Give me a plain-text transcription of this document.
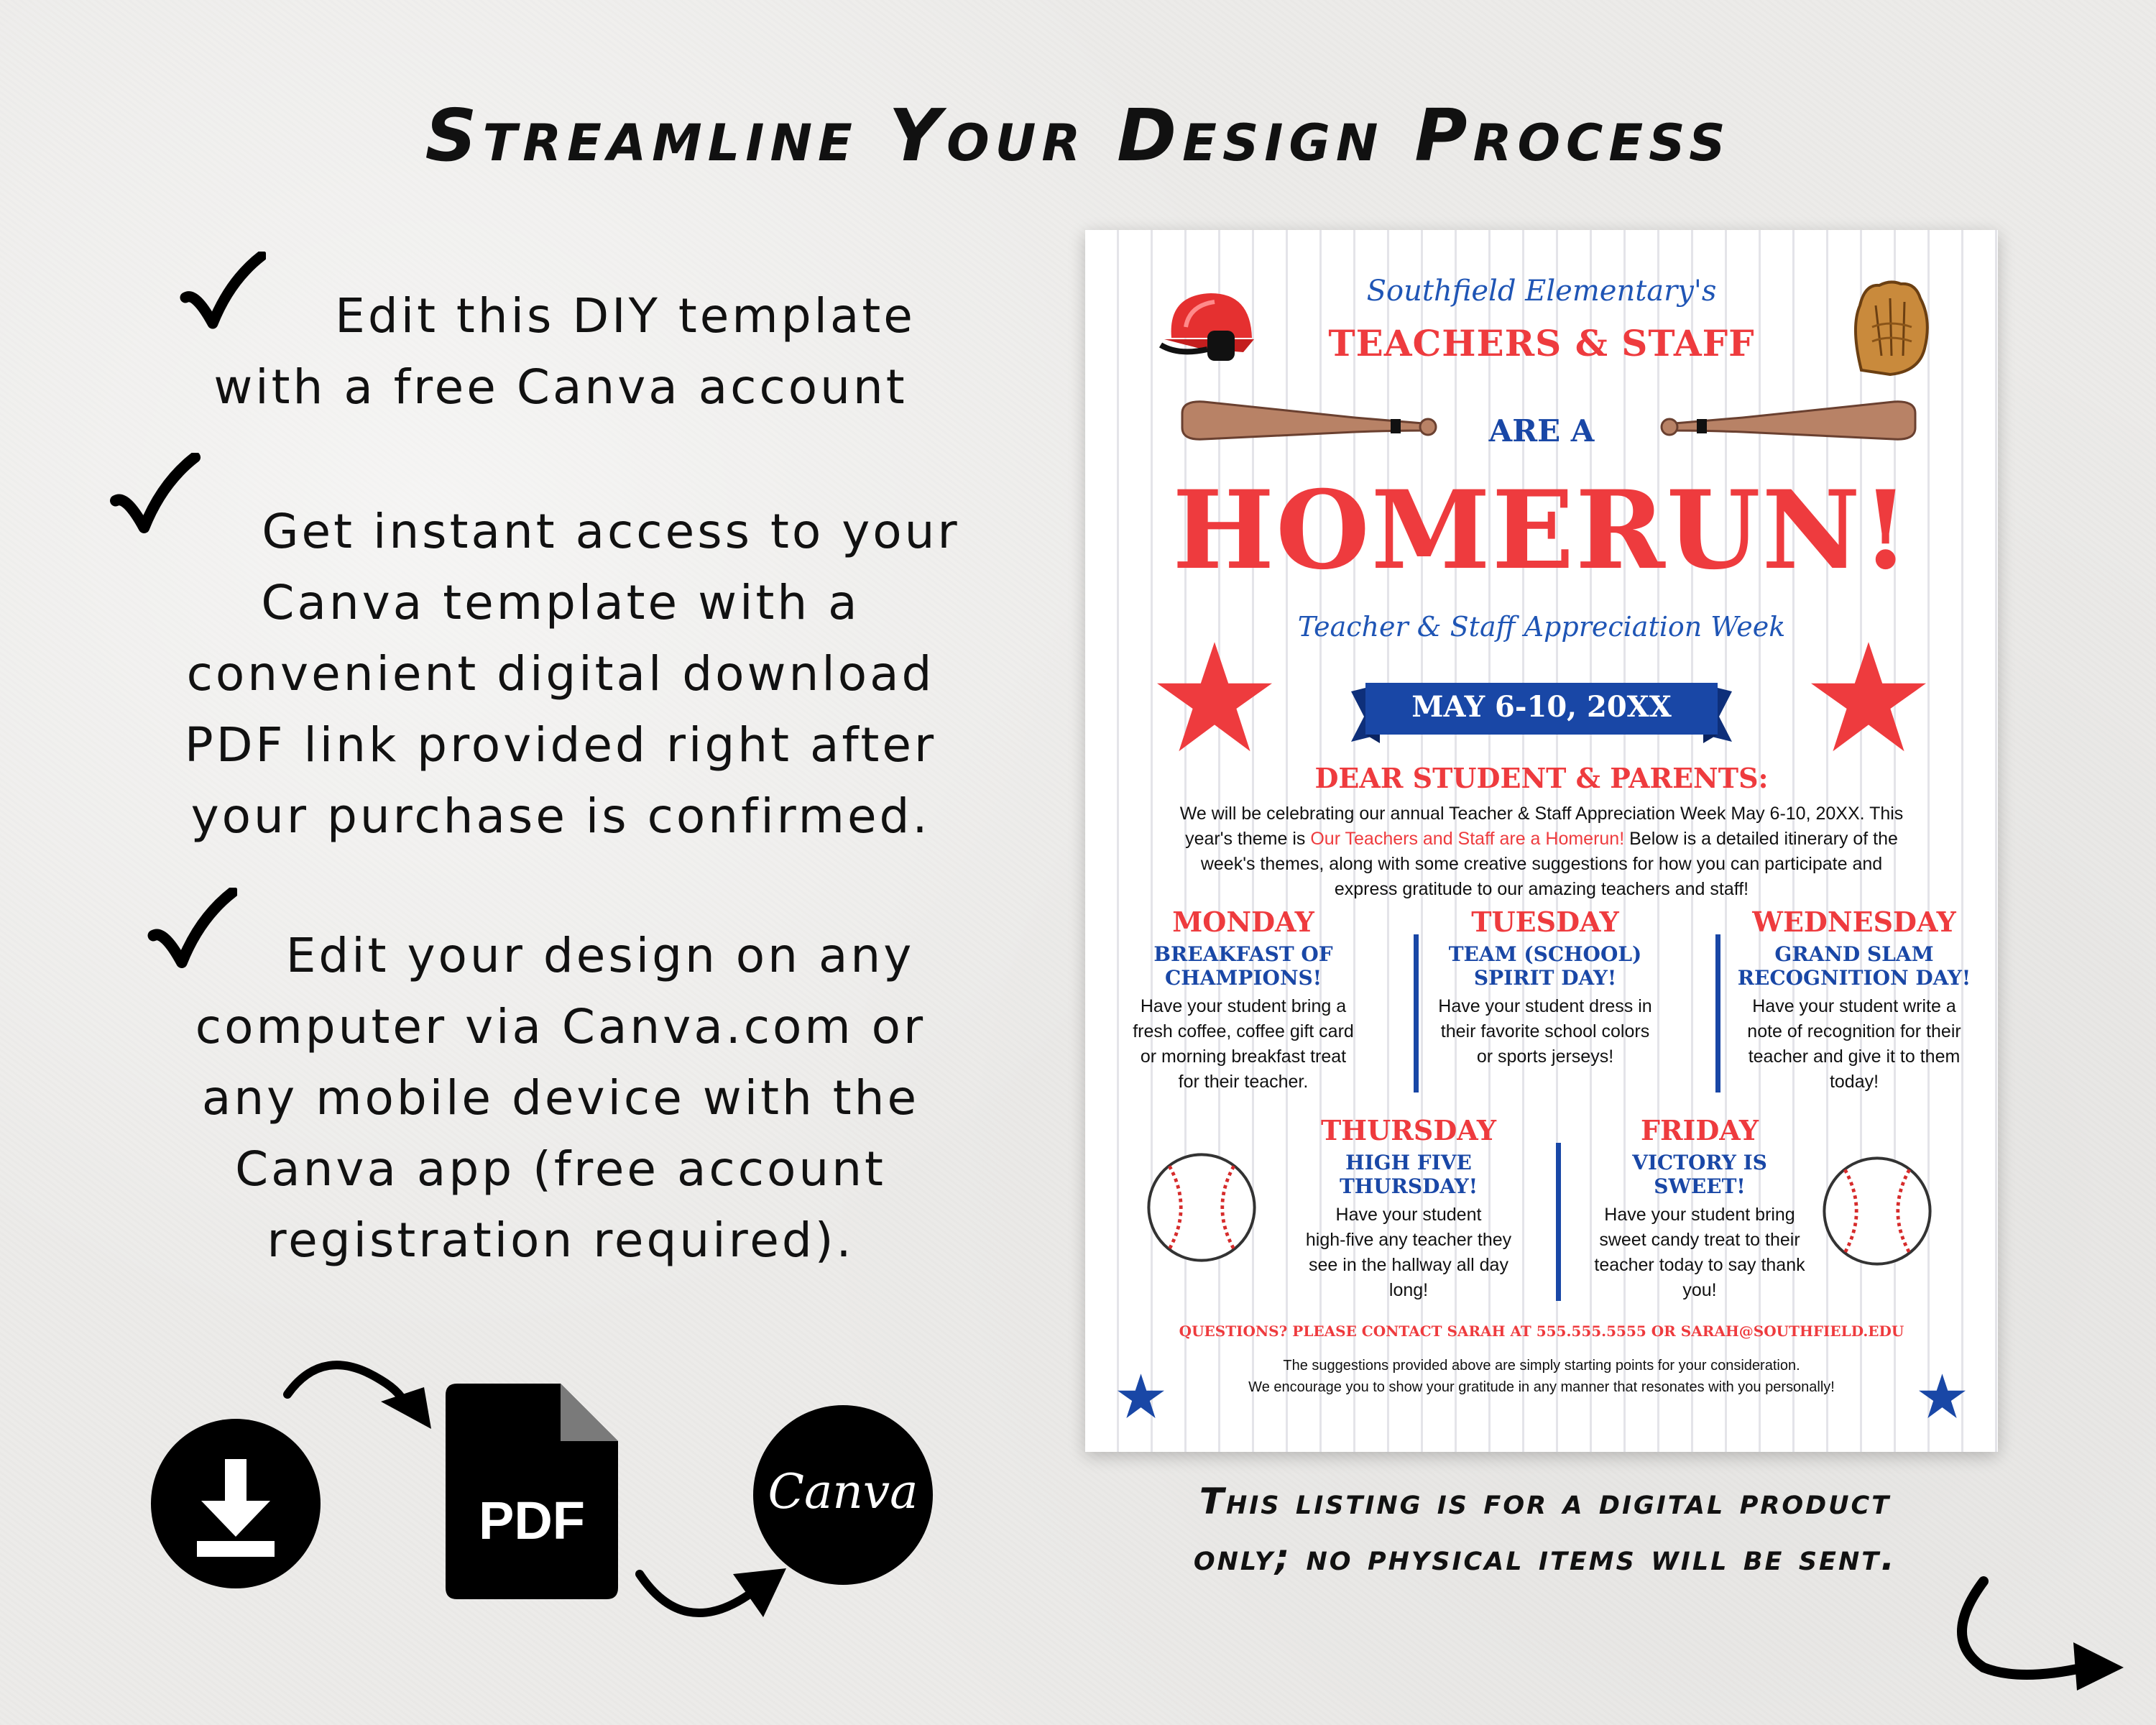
Streamline Your Design Process
Edit this DIY template
with a free Canva account
Get instant access to your
Canva template with a
convenient digital download
PDF link provided right after
your purchase is confirmed.
Edit your design on any
computer via Canva.com or
any mobile device with the
Canva app (free account
registration required).
PDF	Canva
Southfield Elementary's
TEACHERS & STAFF
ARE A
HOMERUN!
Teacher & Staff Appreciation Week
MAY 6-10, 20XX
DEAR STUDENT & PARENTS:
We will be celebrating our annual Teacher & Staff Appreciation Week May 6-10, 20XX. This
year's theme is Our Teachers and Staff are a Homerun! Below is a detailed itinerary of the
week's themes, along with some creative suggestions for how you can participate and
express gratitude to our amazing teachers and staff!
MONDAY
BREAKFAST OF
CHAMPIONS!
Have your student bring a
fresh coffee, coffee gift card
or morning breakfast treat
for their teacher.
TUESDAY
TEAM (SCHOOL)
SPIRIT DAY!
Have your student dress in
their favorite school colors
or sports jerseys!
WEDNESDAY
GRAND SLAM
RECOGNITION DAY!
Have your student write a
note of recognition for their
teacher and give it to them
today!
THURSDAY
HIGH FIVE
THURSDAY!
Have your student
high-five any teacher they
see in the hallway all day
long!
FRIDAY
VICTORY IS
SWEET!
Have your student bring
sweet candy treat to their
teacher today to say thank
you!
QUESTIONS? PLEASE CONTACT SARAH AT 555.555.5555 OR SARAH@SOUTHFIELD.EDU
The suggestions provided above are simply starting points for your consideration.
We encourage you to show your gratitude in any manner that resonates with you personally!
This listing is for a digital product
only; no physical items will be sent.
